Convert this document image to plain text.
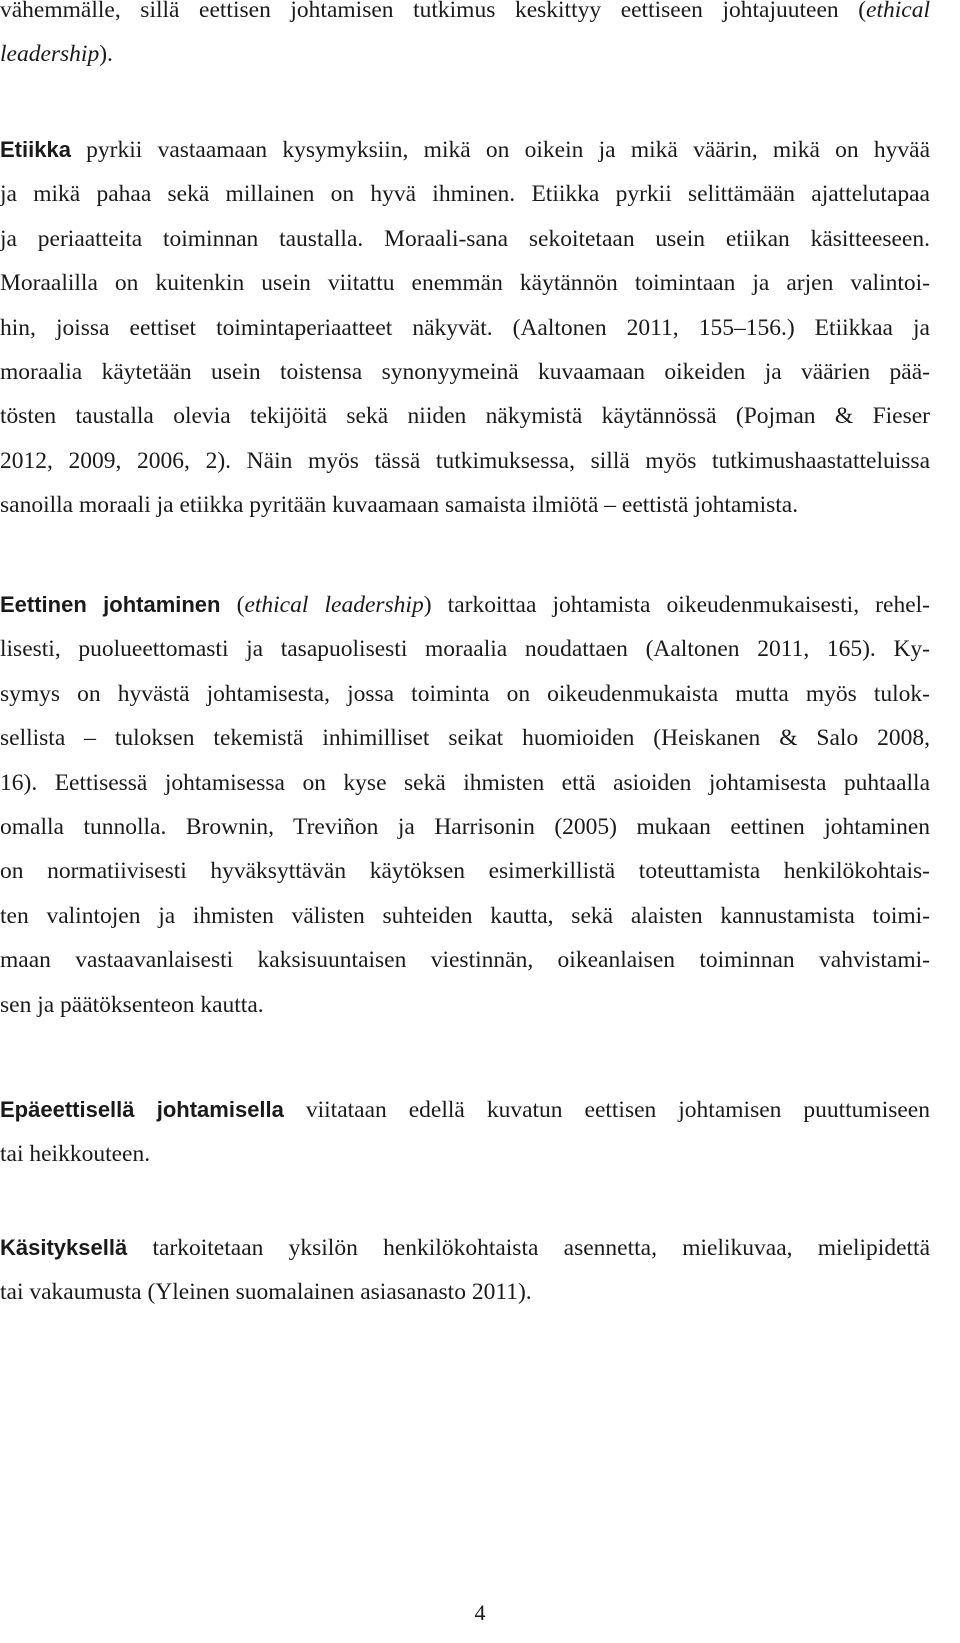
vähemmälle, sillä eettisen johtamisen tutkimus keskittyy eettiseen johtajuuteen (ethical
leadership).
Etiikka pyrkii vastaamaan kysymyksiin, mikä on oikein ja mikä väärin, mikä on hyvää
ja mikä pahaa sekä millainen on hyvä ihminen. Etiikka pyrkii selittämään ajattelutapaa
ja periaatteita toiminnan taustalla. Moraali-sana sekoitetaan usein etiikan käsitteeseen.
Moraalilla on kuitenkin usein viitattu enemmän käytännön toimintaan ja arjen valintoi-
hin, joissa eettiset toimintaperiaatteet näkyvät. (Aaltonen 2011, 155–156.) Etiikkaa ja
moraalia käytetään usein toistensa synonyymeinä kuvaamaan oikeiden ja väärien pää-
tösten taustalla olevia tekijöitä sekä niiden näkymistä käytännössä (Pojman & Fieser
2012, 2009, 2006, 2). Näin myös tässä tutkimuksessa, sillä myös tutkimushaastatteluissa
sanoilla moraali ja etiikka pyritään kuvaamaan samaista ilmiötä – eettistä johtamista.
Eettinen johtaminen (ethical leadership) tarkoittaa johtamista oikeudenmukaisesti, rehel-
lisesti, puolueettomasti ja tasapuolisesti moraalia noudattaen (Aaltonen 2011, 165). Ky-
symys on hyvästä johtamisesta, jossa toiminta on oikeudenmukaista mutta myös tulok-
sellista – tuloksen tekemistä inhimilliset seikat huomioiden (Heiskanen & Salo 2008,
16). Eettisessä johtamisessa on kyse sekä ihmisten että asioiden johtamisesta puhtaalla
omalla tunnolla. Brownin, Treviñon ja Harrisonin (2005) mukaan eettinen johtaminen
on normatiivisesti hyväksyttävän käytöksen esimerkillistä toteuttamista henkilökohtais-
ten valintojen ja ihmisten välisten suhteiden kautta, sekä alaisten kannustamista toimi-
maan vastaavanlaisesti kaksisuuntaisen viestinnän, oikeanlaisen toiminnan vahvistami-
sen ja päätöksenteon kautta.
Epäeettisellä johtamisella viitataan edellä kuvatun eettisen johtamisen puuttumiseen
tai heikkouteen.
Käsityksellä tarkoitetaan yksilön henkilökohtaista asennetta, mielikuvaa, mielipidettä
tai vakaumusta (Yleinen suomalainen asiasanasto 2011).
4
